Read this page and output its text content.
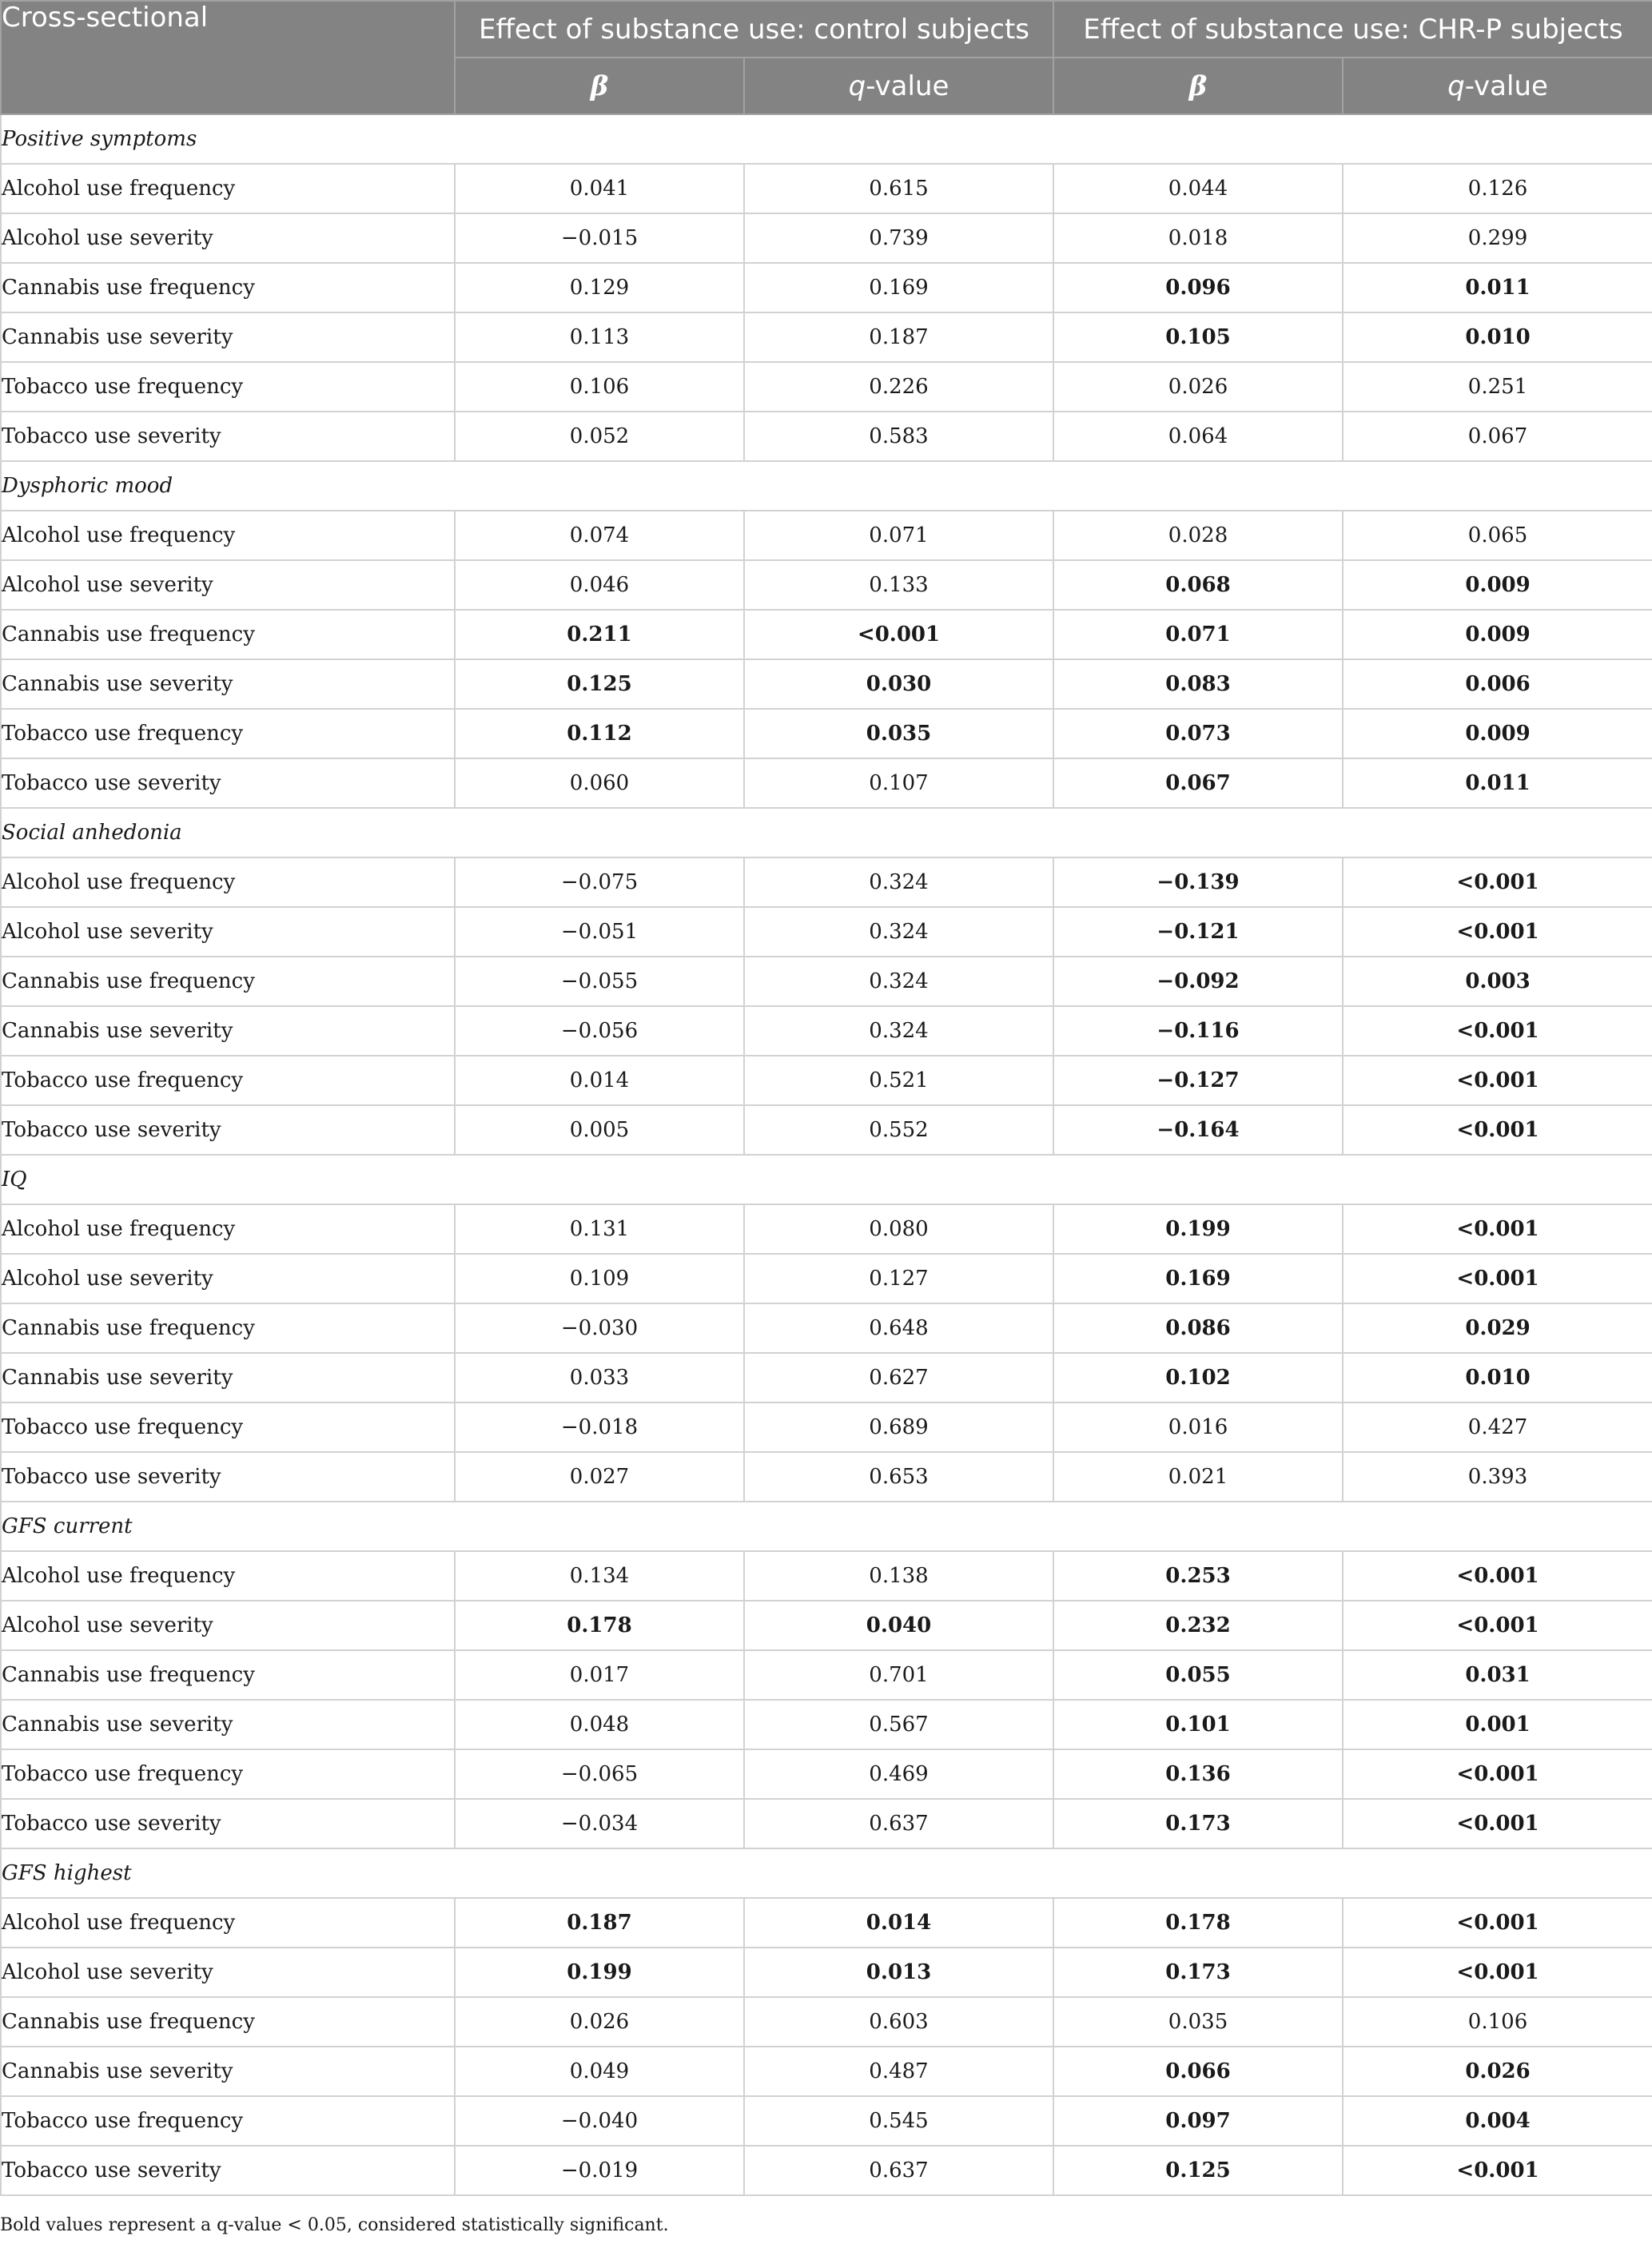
Cross-sectional	Effect of substance use: control subjects		Effect of substance use: CHR-P subjects	
	β	q-value	β	q-value
Positive symptoms				
Alcohol use frequency	0.041	0.615	0.044	0.126
Alcohol use severity	−0.015	0.739	0.018	0.299
Cannabis use frequency	0.129	0.169	0.096	0.011
Cannabis use severity	0.113	0.187	0.105	0.010
Tobacco use frequency	0.106	0.226	0.026	0.251
Tobacco use severity	0.052	0.583	0.064	0.067
Dysphoric mood				
Alcohol use frequency	0.074	0.071	0.028	0.065
Alcohol use severity	0.046	0.133	0.068	0.009
Cannabis use frequency	0.211	<0.001	0.071	0.009
Cannabis use severity	0.125	0.030	0.083	0.006
Tobacco use frequency	0.112	0.035	0.073	0.009
Tobacco use severity	0.060	0.107	0.067	0.011
Social anhedonia				
Alcohol use frequency	−0.075	0.324	−0.139	<0.001
Alcohol use severity	−0.051	0.324	−0.121	<0.001
Cannabis use frequency	−0.055	0.324	−0.092	0.003
Cannabis use severity	−0.056	0.324	−0.116	<0.001
Tobacco use frequency	0.014	0.521	−0.127	<0.001
Tobacco use severity	0.005	0.552	−0.164	<0.001
IQ				
Alcohol use frequency	0.131	0.080	0.199	<0.001
Alcohol use severity	0.109	0.127	0.169	<0.001
Cannabis use frequency	−0.030	0.648	0.086	0.029
Cannabis use severity	0.033	0.627	0.102	0.010
Tobacco use frequency	−0.018	0.689	0.016	0.427
Tobacco use severity	0.027	0.653	0.021	0.393
GFS current				
Alcohol use frequency	0.134	0.138	0.253	<0.001
Alcohol use severity	0.178	0.040	0.232	<0.001
Cannabis use frequency	0.017	0.701	0.055	0.031
Cannabis use severity	0.048	0.567	0.101	0.001
Tobacco use frequency	−0.065	0.469	0.136	<0.001
Tobacco use severity	−0.034	0.637	0.173	<0.001
GFS highest				
Alcohol use frequency	0.187	0.014	0.178	<0.001
Alcohol use severity	0.199	0.013	0.173	<0.001
Cannabis use frequency	0.026	0.603	0.035	0.106
Cannabis use severity	0.049	0.487	0.066	0.026
Tobacco use frequency	−0.040	0.545	0.097	0.004
Tobacco use severity	−0.019	0.637	0.125	<0.001
Bold values represent a q-value < 0.05, considered statistically significant.
